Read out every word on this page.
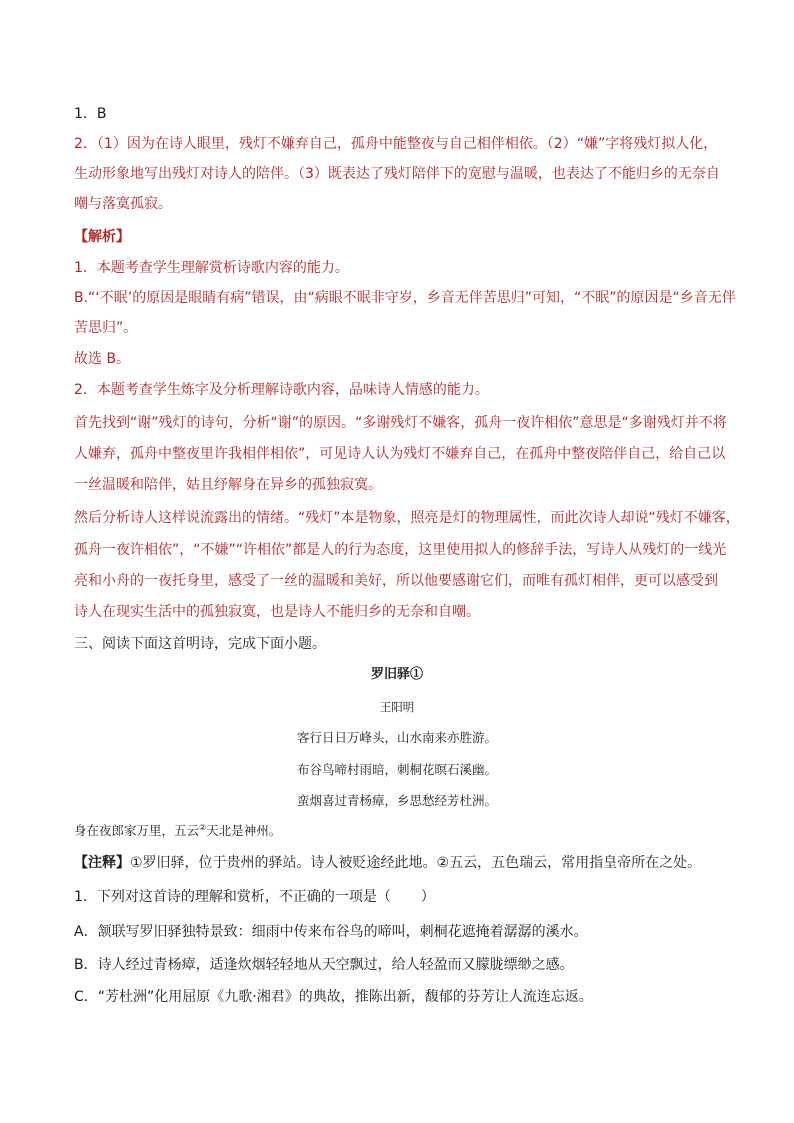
1．B
2．（1）因为在诗人眼里，残灯不嫌弃自己，孤舟中能整夜与自己相伴相依。（2）“嫌”字将残灯拟人化，
生动形象地写出残灯对诗人的陪伴。（3）既表达了残灯陪伴下的宽慰与温暖，也表达了不能归乡的无奈自
嘲与落寞孤寂。
【解析】
1．本题考查学生理解赏析诗歌内容的能力。
B.“‘不眠’的原因是眼睛有病”错误，由“病眼不眠非守岁，乡音无伴苦思归”可知，“不眠”的原因是“乡音无伴
苦思归”。
故选 B。
2．本题考查学生炼字及分析理解诗歌内容，品味诗人情感的能力。
首先找到“谢”残灯的诗句，分析“谢”的原因。“多谢残灯不嫌客，孤舟一夜许相依”意思是“多谢残灯并不将
人嫌弃，孤舟中整夜里许我相伴相依”，可见诗人认为残灯不嫌弃自己，在孤舟中整夜陪伴自己，给自己以
一丝温暖和陪伴，姑且纾解身在异乡的孤独寂寞。
然后分析诗人这样说流露出的情绪。“残灯”本是物象，照亮是灯的物理属性，而此次诗人却说“残灯不嫌客，
孤舟一夜许相依”，“不嫌”“许相依”都是人的行为态度，这里使用拟人的修辞手法，写诗人从残灯的一线光
亮和小舟的一夜托身里，感受了一丝的温暖和美好，所以他要感谢它们，而唯有孤灯相伴，更可以感受到
诗人在现实生活中的孤独寂寞，也是诗人不能归乡的无奈和自嘲。
三、阅读下面这首明诗，完成下面小题。
罗旧驿①
王阳明
客行日日万峰头，山水南来亦胜游。
布谷鸟啼村雨暗，刺桐花暝石溪幽。
蛮烟喜过青杨瘴，乡思愁经芳杜洲。
身在夜郎家万里，五云②天北是神州。
【注释】①罗旧驿，位于贵州的驿站。诗人被贬途经此地。②五云，五色瑞云，常用指皇帝所在之处。
1．下列对这首诗的理解和赏析，不正确的一项是（ ）
A．颔联写罗旧驿独特景致：细雨中传来布谷鸟的啼叫，刺桐花遮掩着潺潺的溪水。
B．诗人经过青杨瘴，适逢炊烟轻轻地从天空飘过，给人轻盈而又朦胧缥缈之感。
C．“芳杜洲”化用屈原《九歌·湘君》的典故，推陈出新，馥郁的芬芳让人流连忘返。
